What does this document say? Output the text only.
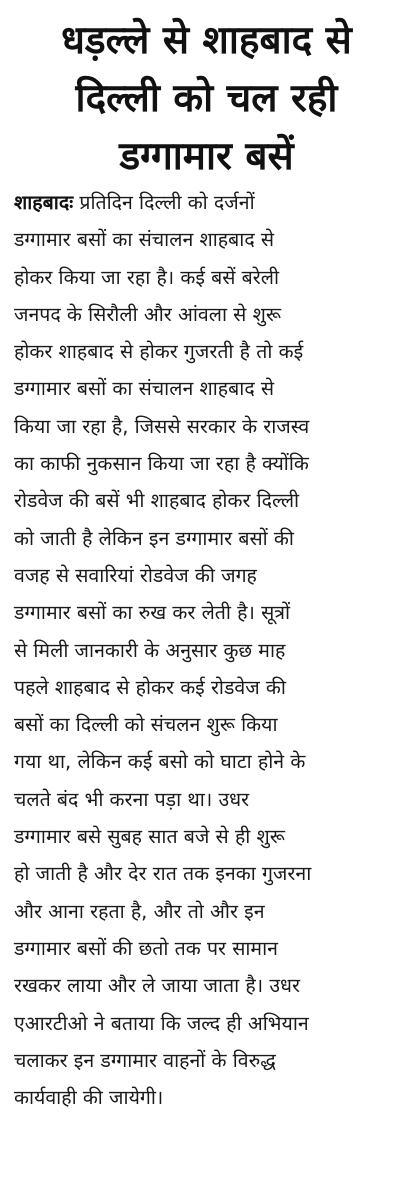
धड़ल्ले से शाहबाद से
दिल्ली को चल रही
डग्गामार बसें
शाहबादः प्रतिदिन दिल्ली को दर्जनों
डग्गामार बसों का संचालन शाहबाद से
होकर किया जा रहा है। कई बसें बरेली
जनपद के सिरौली और आंवला से शुरू
होकर शाहबाद से होकर गुजरती है तो कई
डग्गामार बसों का संचालन शाहबाद से
किया जा रहा है, जिससे सरकार के राजस्व
का काफी नुकसान किया जा रहा है क्योंकि
रोडवेज की बसें भी शाहबाद होकर दिल्ली
को जाती है लेकिन इन डग्गामार बसों की
वजह से सवारियां रोडवेज की जगह
डग्गामार बसों का रुख कर लेती है। सूत्रों
से मिली जानकारी के अनुसार कुछ माह
पहले शाहबाद से होकर कई रोडवेज की
बसों का दिल्ली को संचलन शुरू किया
गया था, लेकिन कई बसो को घाटा होने के
चलते बंद भी करना पड़ा था। उधर
डग्गामार बसे सुबह सात बजे से ही शुरू
हो जाती है और देर रात तक इनका गुजरना
और आना रहता है, और तो और इन
डग्गामार बसों की छतो तक पर सामान
रखकर लाया और ले जाया जाता है। उधर
एआरटीओ ने बताया कि जल्द ही अभियान
चलाकर इन डग्गामार वाहनों के विरुद्ध
कार्यवाही की जायेगी।
